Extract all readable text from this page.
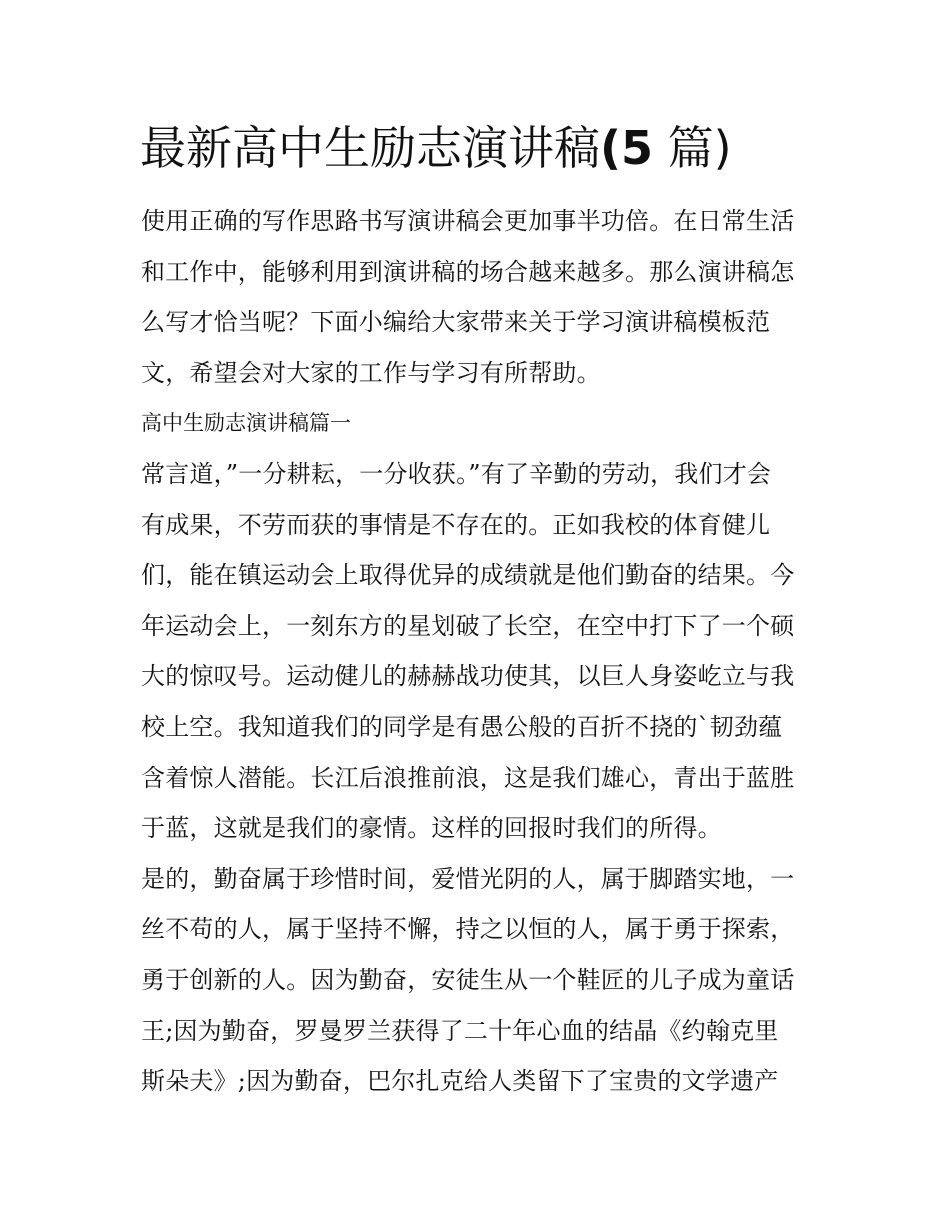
最新高中生励志演讲稿(5 篇)
使用正确的写作思路书写演讲稿会更加事半功倍。在日常生活
和工作中，能够利用到演讲稿的场合越来越多。那么演讲稿怎
么写才恰当呢？下面小编给大家带来关于学习演讲稿模板范
文，希望会对大家的工作与学习有所帮助。
高中生励志演讲稿篇一
常言道，”一分耕耘，一分收获。”有了辛勤的劳动，我们才会
有成果，不劳而获的事情是不存在的。正如我校的体育健儿
们，能在镇运动会上取得优异的成绩就是他们勤奋的结果。今
年运动会上，一刻东方的星划破了长空，在空中打下了一个硕
大的惊叹号。运动健儿的赫赫战功使其，以巨人身姿屹立与我
校上空。我知道我们的同学是有愚公般的百折不挠的`韧劲蕴
含着惊人潜能。长江后浪推前浪，这是我们雄心，青出于蓝胜
于蓝，这就是我们的豪情。这样的回报时我们的所得。
是的，勤奋属于珍惜时间，爱惜光阴的人，属于脚踏实地，一
丝不苟的人，属于坚持不懈，持之以恒的人，属于勇于探索，
勇于创新的人。因为勤奋，安徒生从一个鞋匠的儿子成为童话
王;因为勤奋，罗曼罗兰获得了二十年心血的结晶《约翰克里
斯朵夫》;因为勤奋，巴尔扎克给人类留下了宝贵的文学遗产
